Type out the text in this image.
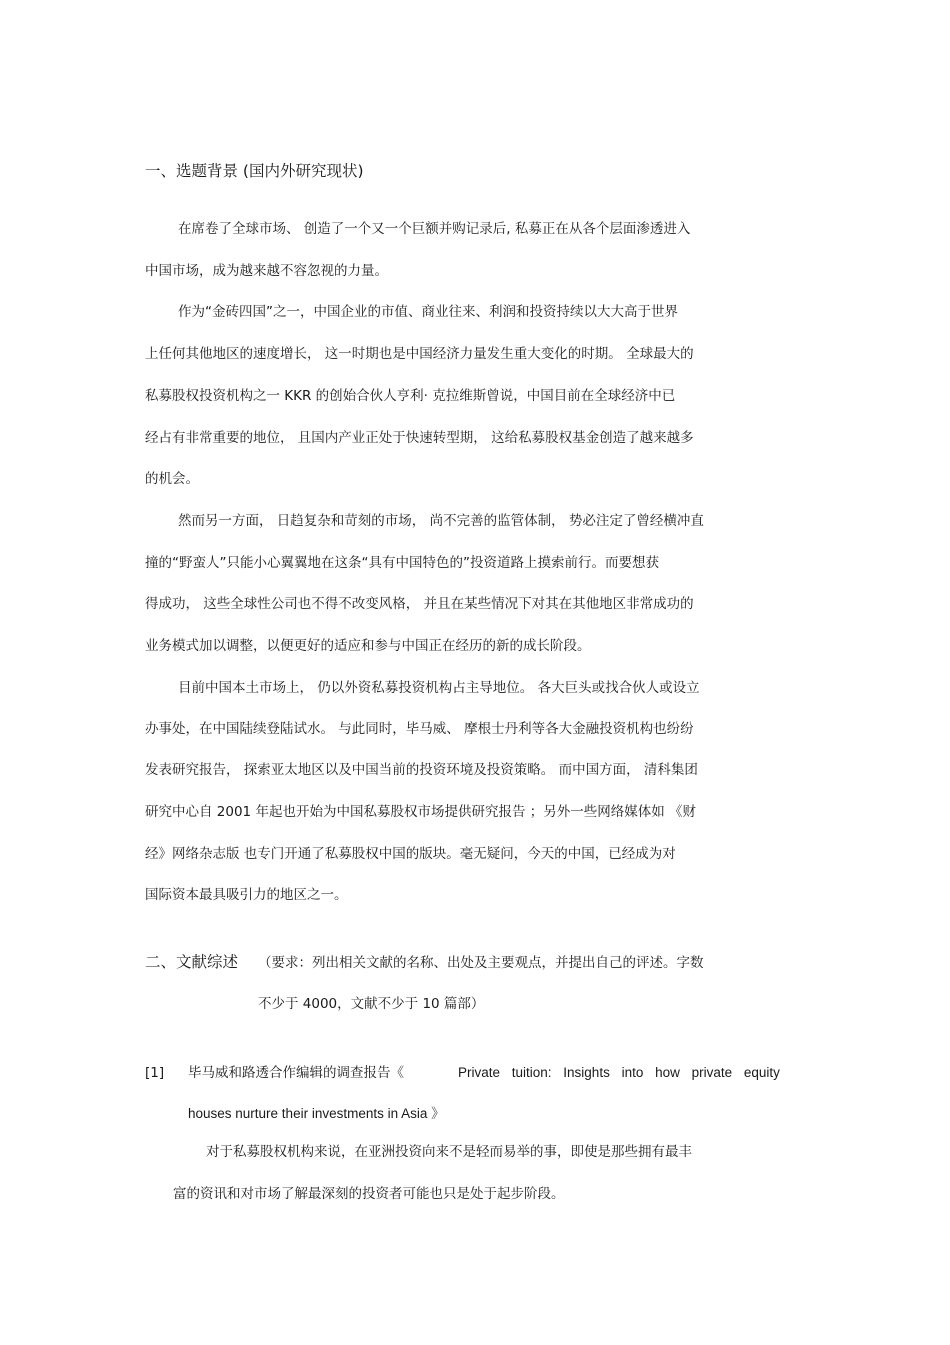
一、选题背景 (国内外研究现状)
在席卷了全球市场、 创造了一个又一个巨额并购记录后, 私募正在从各个层面渗透进入
中国市场，成为越来越不容忽视的力量。
作为“金砖四国”之一，中国企业的市值、商业往来、利润和投资持续以大大高于世界
上任何其他地区的速度增长， 这一时期也是中国经济力量发生重大变化的时期。 全球最大的
私募股权投资机构之一 KKR 的创始合伙人亨利· 克拉维斯曾说，中国目前在全球经济中已
经占有非常重要的地位， 且国内产业正处于快速转型期， 这给私募股权基金创造了越来越多
的机会。
然而另一方面， 日趋复杂和苛刻的市场， 尚不完善的监管体制， 势必注定了曾经横冲直
撞的“野蛮人”只能小心翼翼地在这条“具有中国特色的”投资道路上摸索前行。而要想获
得成功， 这些全球性公司也不得不改变风格， 并且在某些情况下对其在其他地区非常成功的
业务模式加以调整，以便更好的适应和参与中国正在经历的新的成长阶段。
目前中国本土市场上， 仍以外资私募投资机构占主导地位。 各大巨头或找合伙人或设立
办事处，在中国陆续登陆试水。 与此同时，毕马威、 摩根士丹利等各大金融投资机构也纷纷
发表研究报告， 探索亚太地区以及中国当前的投资环境及投资策略。 而中国方面， 清科集团
研究中心自 2001 年起也开始为中国私募股权市场提供研究报告 ；另外一些网络媒体如 《财
经》网络杂志版 也专门开通了私募股权中国的版块。毫无疑问，今天的中国，已经成为对
国际资本最具吸引力的地区之一。
二、文献综述 （要求：列出相关文献的名称、出处及主要观点，并提出自己的评述。字数
不少于 4000，文献不少于 10 篇部）
[1] 毕马威和路透合作编辑的调查报告《	Private tuition: Insights into how private equity
houses nurture their investments in Asia 》
对于私募股权机构来说，在亚洲投资向来不是轻而易举的事，即使是那些拥有最丰
富的资讯和对市场了解最深刻的投资者可能也只是处于起步阶段。
